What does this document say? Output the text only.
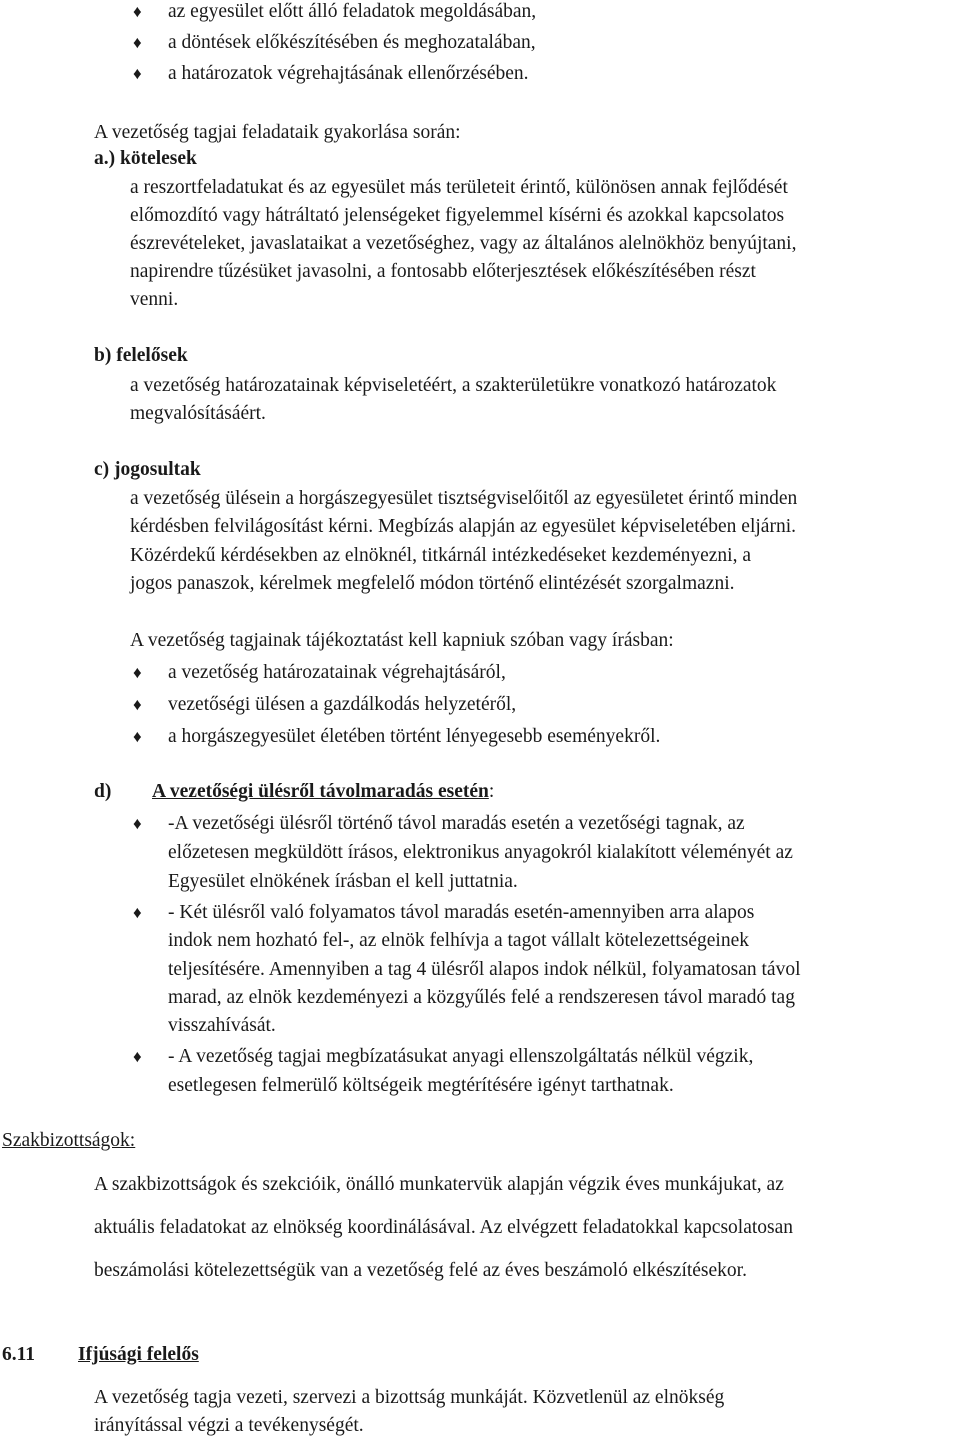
♦ az egyesület előtt álló feladatok megoldásában,
♦ a döntések előkészítésében és meghozatalában,
♦ a határozatok végrehajtásának ellenőrzésében.
A vezetőség tagjai feladataik gyakorlása során:
a.) kötelesek
a reszortfeladatukat és az egyesület más területeit érintő, különösen annak fejlődését
előmozdító vagy hátráltató jelenségeket figyelemmel kísérni és azokkal kapcsolatos
észrevételeket, javaslataikat a vezetőséghez, vagy az általános alelnökhöz benyújtani,
napirendre tűzésüket javasolni, a fontosabb előterjesztések előkészítésében részt
venni.
b) felelősek
a vezetőség határozatainak képviseletéért, a szakterületükre vonatkozó határozatok
megvalósításáért.
c) jogosultak
a vezetőség ülésein a horgászegyesület tisztségviselőitől az egyesületet érintő minden
kérdésben felvilágosítást kérni. Megbízás alapján az egyesület képviseletében eljárni.
Közérdekű kérdésekben az elnöknél, titkárnál intézkedéseket kezdeményezni, a
jogos panaszok, kérelmek megfelelő módon történő elintézését szorgalmazni.
A vezetőség tagjainak tájékoztatást kell kapniuk szóban vagy írásban:
♦ a vezetőség határozatainak végrehajtásáról,
♦ vezetőségi ülésen a gazdálkodás helyzetéről,
♦ a horgászegyesület életében történt lényegesebb eseményekről.
d) A vezetőségi ülésről távolmaradás esetén:
♦ -A vezetőségi ülésről történő távol maradás esetén a vezetőségi tagnak, az
előzetesen megküldött írásos, elektronikus anyagokról kialakított véleményét az
Egyesület elnökének írásban el kell juttatnia.
♦ - Két ülésről való folyamatos távol maradás esetén-amennyiben arra alapos
indok nem hozható fel-, az elnök felhívja a tagot vállalt kötelezettségeinek
teljesítésére. Amennyiben a tag 4 ülésről alapos indok nélkül, folyamatosan távol
marad, az elnök kezdeményezi a közgyűlés felé a rendszeresen távol maradó tag
visszahívását.
♦ - A vezetőség tagjai megbízatásukat anyagi ellenszolgáltatás nélkül végzik,
esetlegesen felmerülő költségeik megtérítésére igényt tarthatnak.
Szakbizottságok:
A szakbizottságok és szekcióik, önálló munkatervük alapján végzik éves munkájukat, az
aktuális feladatokat az elnökség koordinálásával. Az elvégzett feladatokkal kapcsolatosan
beszámolási kötelezettségük van a vezetőség felé az éves beszámoló elkészítésekor.
6.11 Ifjúsági felelős
A vezetőség tagja vezeti, szervezi a bizottság munkáját. Közvetlenül az elnökség
irányítással végzi a tevékenységét.
